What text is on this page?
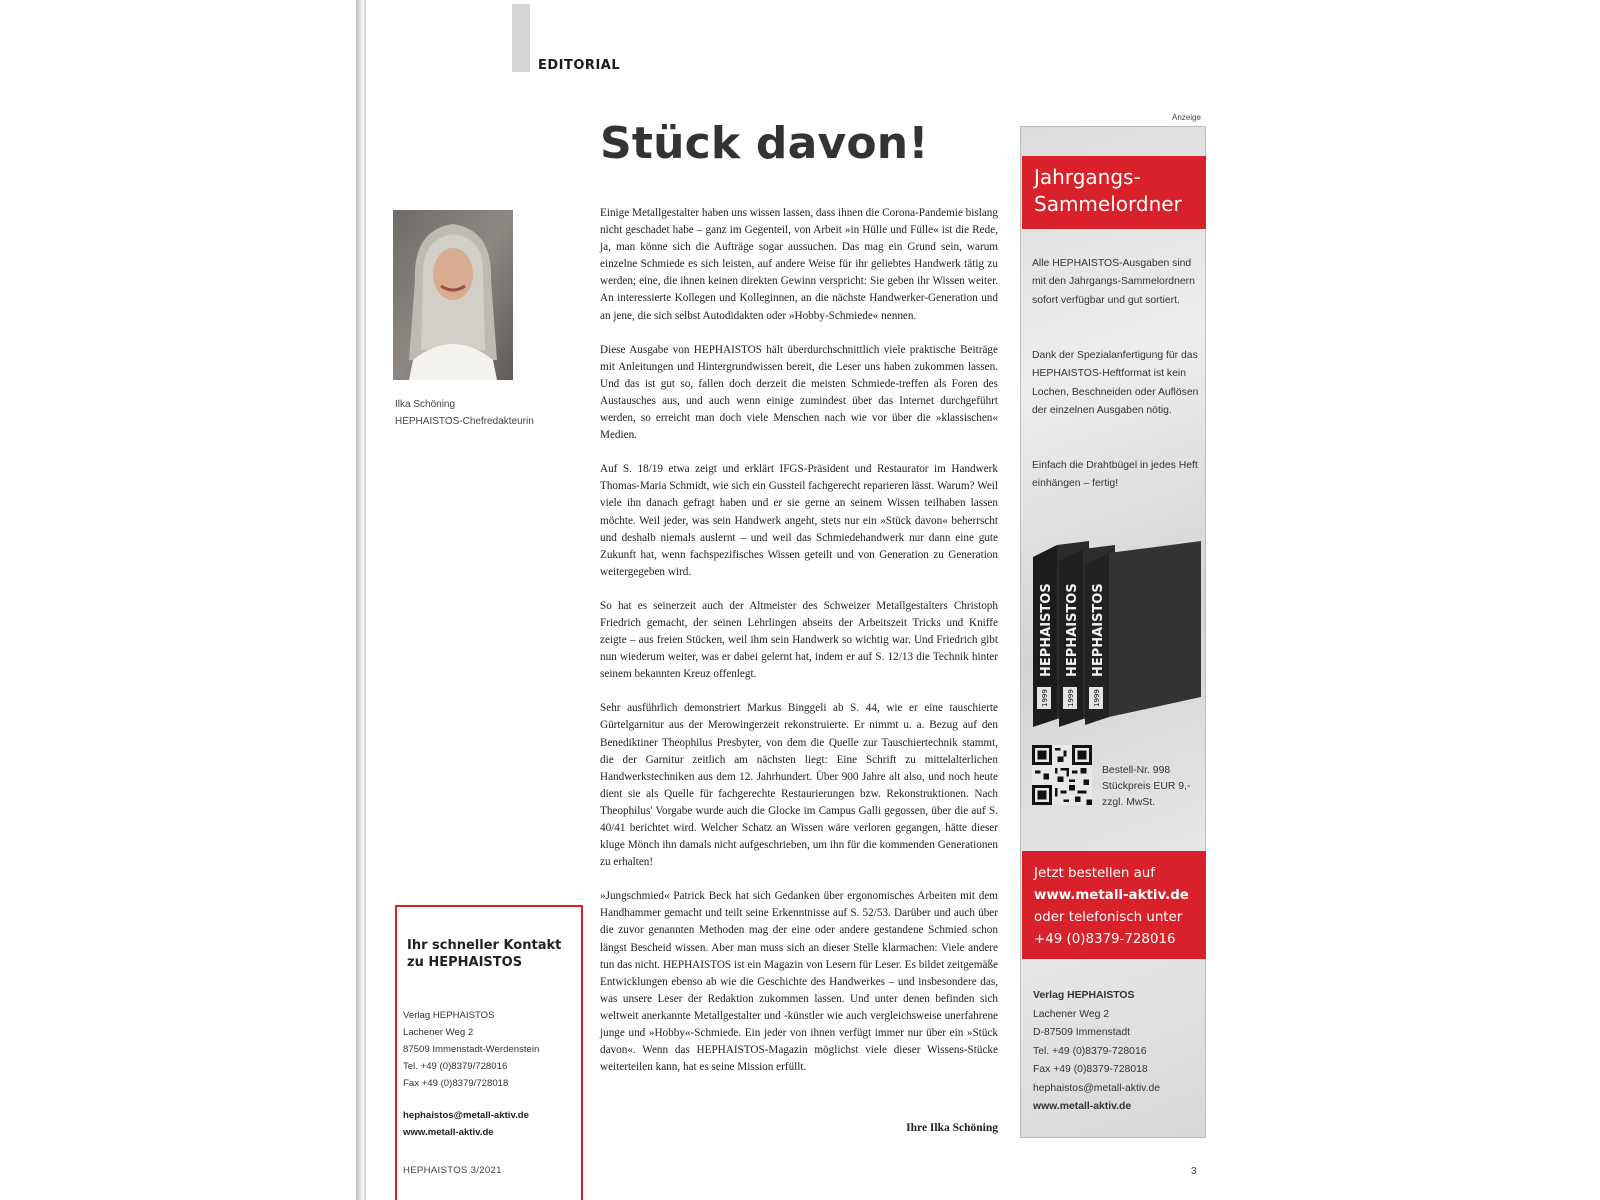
EDITORIAL
Stück davon!
Ilka Schöning
HEPHAISTOS-Chefredakteurin

Einige Metallgestalter haben uns wissen lassen, dass ihnen die Corona-Pandemie bislang nicht geschadet habe – ganz im Gegenteil, von Arbeit »in Hülle und Fülle« ist die Rede, ja, man könne sich die Aufträge sogar aussuchen. Das mag ein Grund sein, warum einzelne Schmiede es sich leisten, auf andere Weise für ihr geliebtes Handwerk tätig zu werden; eine, die ihnen keinen direkten Gewinn verspricht: Sie geben ihr Wissen weiter. An interessierte Kollegen und Kolleginnen, an die nächste Handwerker-Generation und an jene, die sich selbst Autodidakten oder »Hobby-Schmiede« nennen.

Diese Ausgabe von HEPHAISTOS hält überdurchschnittlich viele praktische Beiträge mit Anleitungen und Hintergrundwissen bereit, die Leser uns haben zukommen lassen. Und das ist gut so, fallen doch derzeit die meisten Schmiede-treffen als Foren des Austausches aus, und auch wenn einige zumindest über das Internet durchgeführt werden, so erreicht man doch viele Menschen nach wie vor über die »klassischen« Medien.

Auf S. 18/19 etwa zeigt und erklärt IFGS-Präsident und Restaurator im Handwerk Thomas-Maria Schmidt, wie sich ein Gussteil fachgerecht reparieren lässt. Warum? Weil viele ihn danach gefragt haben und er sie gerne an seinem Wissen teilhaben lassen möchte. Weil jeder, was sein Handwerk angeht, stets nur ein »Stück davon« beherrscht und deshalb niemals auslernt – und weil das Schmiedehandwerk nur dann eine gute Zukunft hat, wenn fachspezifisches Wissen geteilt und von Generation zu Generation weitergegeben wird.

So hat es seinerzeit auch der Altmeister des Schweizer Metallgestalters Christoph Friedrich gemacht, der seinen Lehrlingen abseits der Arbeitszeit Tricks und Kniffe zeigte – aus freien Stücken, weil ihm sein Handwerk so wichtig war. Und Friedrich gibt nun wiederum weiter, was er dabei gelernt hat, indem er auf S. 12/13 die Technik hinter seinem bekannten Kreuz offenlegt.

Sehr ausführlich demonstriert Markus Binggeli ab S. 44, wie er eine tauschierte Gürtelgarnitur aus der Merowingerzeit rekonstruierte. Er nimmt u. a. Bezug auf den Benediktiner Theophilus Presbyter, von dem die Quelle zur Tauschiertechnik stammt, die der Garnitur zeitlich am nächsten liegt: Eine Schrift zu mittelalterlichen Handwerkstechniken aus dem 12. Jahrhundert. Über 900 Jahre alt also, und noch heute dient sie als Quelle für fachgerechte Restaurierungen bzw. Rekonstruktionen. Nach Theophilus' Vorgabe wurde auch die Glocke im Campus Galli gegossen, über die auf S. 40/41 berichtet wird. Welcher Schatz an Wissen wäre verloren gegangen, hätte dieser kluge Mönch ihn damals nicht aufgeschrieben, um ihn für die kommenden Generationen zu erhalten!

»Jungschmied« Patrick Beck hat sich Gedanken über ergonomisches Arbeiten mit dem Handhammer gemacht und teilt seine Erkenntnisse auf S. 52/53. Darüber und auch über die zuvor genannten Methoden mag der eine oder andere gestandene Schmied schon längst Bescheid wissen. Aber man muss sich an dieser Stelle klarmachen: Viele andere tun das nicht. HEPHAISTOS ist ein Magazin von Lesern für Leser. Es bildet zeitgemäße Entwicklungen ebenso ab wie die Geschichte des Handwerkes – und insbesondere das, was unsere Leser der Redaktion zukommen lassen. Und unter denen befinden sich weltweit anerkannte Metallgestalter und -künstler wie auch vergleichsweise unerfahrene junge und »Hobby«-Schmiede. Ein jeder von ihnen verfügt immer nur über ein »Stück davon«. Wenn das HEPHAISTOS-Magazin möglichst viele dieser Wissens-Stücke weiterteilen kann, hat es seine Mission erfüllt.

Ihre Ilka Schöning
Ihr schneller Kontakt zu HEPHAISTOS
Verlag HEPHAISTOS
Lachener Weg 2
87509 Immenstadt-Werdenstein
Tel. +49 (0)8379/728016
Fax +49 (0)8379/728018
hephaistos@metall-aktiv.de
www.metall-aktiv.de
HEPHAISTOS 3/2021
Anzeige
Jahrgangs-Sammelordner
Alle HEPHAISTOS-Ausgaben sind mit den Jahrgangs-Sammelordnern sofort verfügbar und gut sortiert.
Dank der Spezialanfertigung für das HEPHAISTOS-Heftformat ist kein Lochen, Beschneiden oder Auflösen der einzelnen Ausgaben nötig.
Einfach die Drahtbügel in jedes Heft einhängen – fertig!
HEPHAISTOS HEPHAISTOS HEPHAISTOS
1999	1999	1999
Bestell-Nr. 998
Stückpreis EUR 9,-
zzgl. MwSt.
Jetzt bestellen auf
www.metall-aktiv.de
oder telefonisch unter
+49 (0)8379-728016
Verlag HEPHAISTOS
Lachener Weg 2
D-87509 Immenstadt
Tel. +49 (0)8379-728016
Fax +49 (0)8379-728018
hephaistos@metall-aktiv.de
www.metall-aktiv.de
3
